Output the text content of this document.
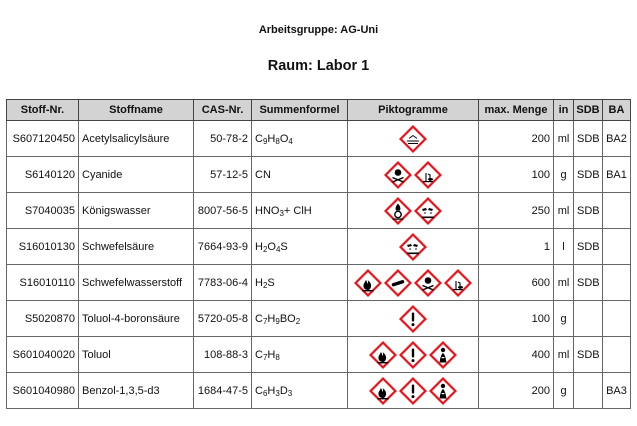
Arbeitsgruppe: AG-Uni
Raum: Labor 1
Stoff-Nr.	Stoffname	CAS-Nr.	Summenformel	Piktogramme	max. Menge	in	SDB	BA
S607120450	Acetylsalicylsäure	50-78-2	$C_9H_8O_4$		200	ml	SDB	BA2
S6140120	Cyanide	57-12-5	CN		100	g	SDB	BA1
S7040035	Königswasser	8007-56-5	$HNO_3+$ ClH		250	ml	SDB	
S16010130	Schwefelsäure	7664-93-9	$H_2O_4S$		1	l	SDB	
S16010110	Schwefelwasserstoff	7783-06-4	$H_2S$		600	ml	SDB	
S5020870	Toluol-4-boronsäure	5720-05-8	$C_7H_9BO_2$		100	g		
S601040020	Toluol	108-88-3	$C_7H_8$		400	ml	SDB	
S601040980	Benzol-1,3,5-d3	1684-47-5	$C_6H_3D_3$		200	g		BA3
